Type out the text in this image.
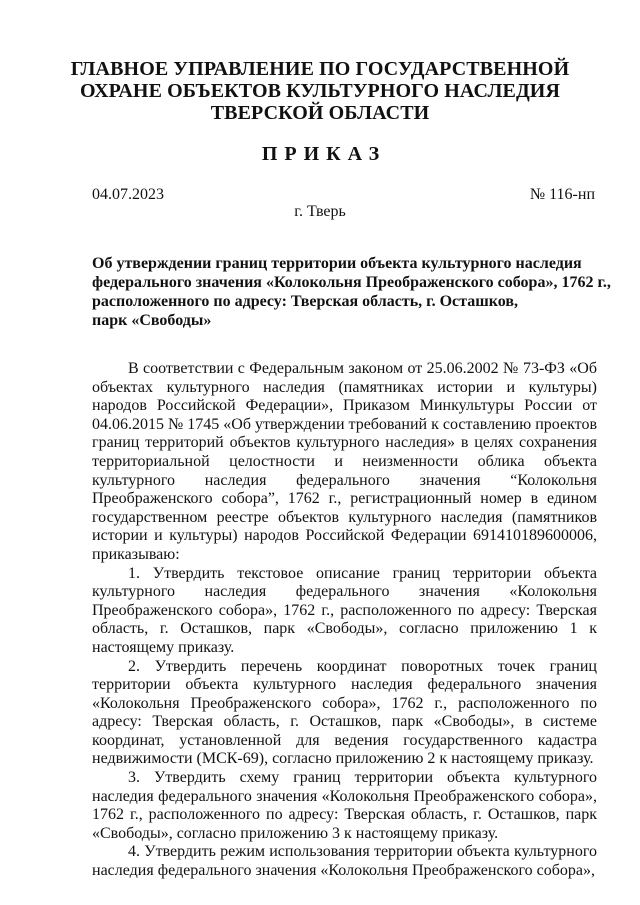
ГЛАВНОЕ УПРАВЛЕНИЕ ПО ГОСУДАРСТВЕННОЙ
ОХРАНЕ ОБЪЕКТОВ КУЛЬТУРНОГО НАСЛЕДИЯ
ТВЕРСКОЙ ОБЛАСТИ
ПРИКАЗ
04.07.2023	№ 116-нп
г. Тверь
Об утверждении границ территории объекта культурного наследия
федерального значения «Колокольня Преображенского собора», 1762 г.,
расположенного по адресу: Тверская область, г. Осташков,
парк «Свободы»

В соответствии с Федеральным законом от 25.06.2002 № 73-ФЗ «Об объектах культурного наследия (памятниках истории и культуры) народов Российской Федерации», Приказом Минкультуры России от 04.06.2015 № 1745 «Об утверждении требований к составлению проектов границ территорий объектов культурного наследия» в целях сохранения территориальной целостности и неизменности облика объекта культурного наследия федерального значения “Колокольня Преображенского собора”, 1762 г., регистрационный номер в едином государственном реестре объектов культурного наследия (памятников истории и культуры) народов Российской Федерации 691410189600006, приказываю:

1. Утвердить текстовое описание границ территории объекта культурного наследия федерального значения «Колокольня Преображенского собора», 1762 г., расположенного по адресу: Тверская область, г. Осташков, парк «Свободы», согласно приложению 1 к настоящему приказу.

2. Утвердить перечень координат поворотных точек границ территории объекта культурного наследия федерального значения «Колокольня Преображенского собора», 1762 г., расположенного по адресу: Тверская область, г. Осташков, парк «Свободы», в системе координат, установленной для ведения государственного кадастра недвижимости (МСК-69), согласно приложению 2 к настоящему приказу.

3. Утвердить схему границ территории объекта культурного наследия федерального значения «Колокольня Преображенского собора», 1762 г., расположенного по адресу: Тверская область, г. Осташков, парк «Свободы», согласно приложению 3 к настоящему приказу.

4. Утвердить режим использования территории объекта культурного наследия федерального значения «Колокольня Преображенского собора»,
